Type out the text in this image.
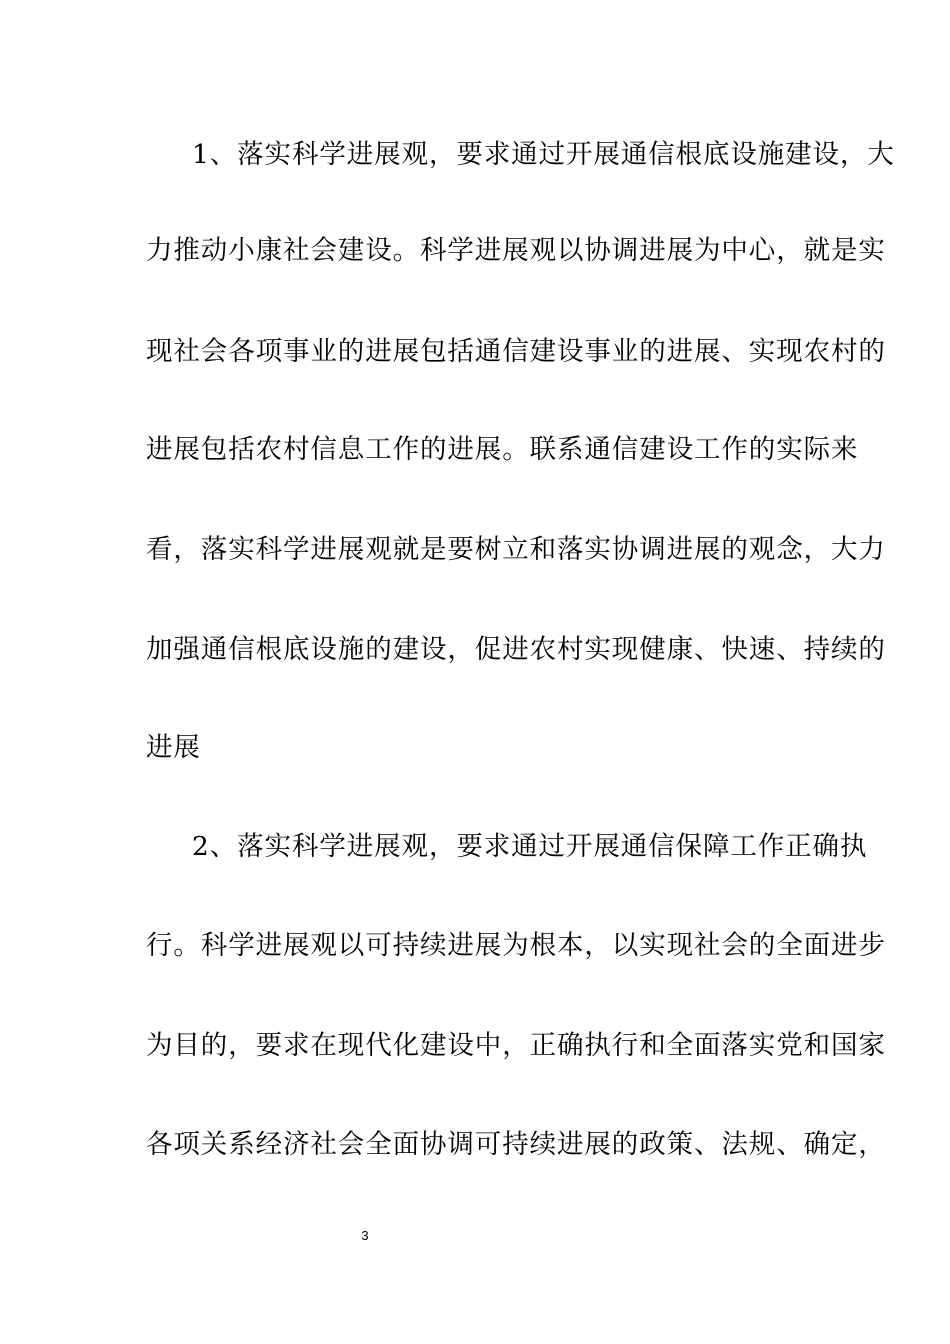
1、落实科学进展观，要求通过开展通信根底设施建设，大
力推动小康社会建设。科学进展观以协调进展为中心，就是实
现社会各项事业的进展包括通信建设事业的进展、实现农村的
进展包括农村信息工作的进展。联系通信建设工作的实际来
看，落实科学进展观就是要树立和落实协调进展的观念，大力
加强通信根底设施的建设，促进农村实现健康、快速、持续的
进展
2、落实科学进展观，要求通过开展通信保障工作正确执
行。科学进展观以可持续进展为根本，以实现社会的全面进步
为目的，要求在现代化建设中，正确执行和全面落实党和国家
各项关系经济社会全面协调可持续进展的政策、法规、确定，
3
